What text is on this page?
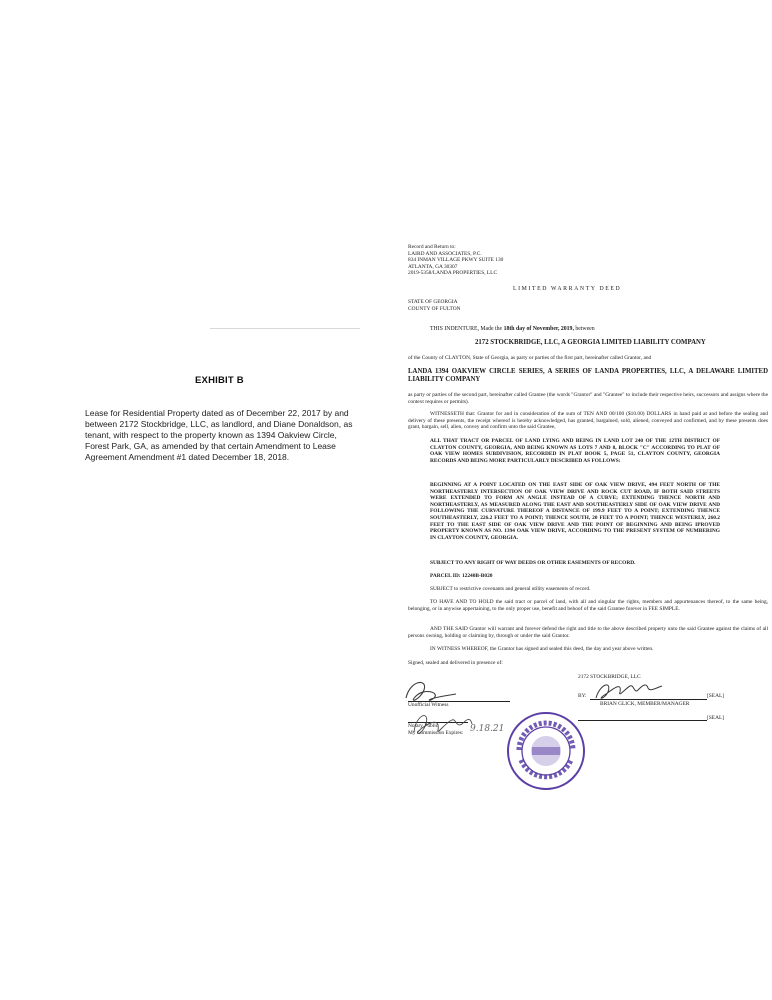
EXHIBIT B
Lease for Residential Property dated as of December 22, 2017 by and between 2172 Stockbridge, LLC, as landlord, and Diane Donaldson, as tenant, with respect to the property known as 1394 Oakview Circle, Forest Park, GA, as amended by that certain Amendment to Lease Agreement Amendment #1 dated December 18, 2018.
Record and Return to:
LAIRD AND ASSOCIATES, P.C.
834 INMAN VILLAGE PKWY SUITE 130
ATLANTA, GA 30307
2019-5358/LANDA PROPERTIES, LLC
LIMITED WARRANTY DEED
STATE OF GEORGIA
COUNTY OF FULTON
THIS INDENTURE, Made the 18th day of November, 2019, between
2172 STOCKBRIDGE, LLC, A GEORGIA LIMITED LIABILITY COMPANY
of the County of CLAYTON, State of Georgia, as party or parties of the first part, hereinafter called Grantor, and
LANDA 1394 OAKVIEW CIRCLE SERIES, A SERIES OF LANDA PROPERTIES, LLC, A DELAWARE LIMITED LIABILITY COMPANY
as party or parties of the second part, hereinafter called Grantee (the words "Grantor" and "Grantee" to include their respective heirs, successors and assigns where the context requires or permits).
WITNESSETH that: Grantor for and in consideration of the sum of TEN AND 00/100 ($10.00) DOLLARS in hand paid at and before the sealing and delivery of these presents, the receipt whereof is hereby acknowledged, has granted, bargained, sold, aliened, conveyed and confirmed, and by these presents does grant, bargain, sell, alien, convey and confirm unto the said Grantee,
ALL THAT TRACT OR PARCEL OF LAND LYING AND BEING IN LAND LOT 240 OF THE 12TH DISTRICT OF CLAYTON COUNTY, GEORGIA, AND BEING KNOWN AS LOTS 7 AND 8, BLOCK "C" ACCORDING TO PLAT OF OAK VIEW HOMES SUBDIVISION, RECORDED IN PLAT BOOK 5, PAGE 51, CLAYTON COUNTY, GEORGIA RECORDS AND BEING MORE PARTICULARLY DESCRIBED AS FOLLOWS:
BEGINNING AT A POINT LOCATED ON THE EAST SIDE OF OAK VIEW DRIVE, 494 FEET NORTH OF THE NORTHEASTERLY INTERSECTION OF OAK VIEW DRIVE AND ROCK CUT ROAD, IF BOTH SAID STREETS WERE EXTENDED TO FORM AN ANGLE INSTEAD OF A CURVE; EXTENDING THENCE NORTH AND NORTHEASTERLY, AS MEASURED ALONG THE EAST AND SOUTHEASTERLY SIDE OF OAK VIEW DRIVE AND FOLLOWING THE CURVATURE THEREOF A DISTANCE OF 199.9 FEET TO A POINT; EXTENDING THENCE SOUTHEASTERLY, 226.2 FEET TO A POINT; THENCE SOUTH, 20 FEET TO A POINT; THENCE WESTERLY, 260.2 FEET TO THE EAST SIDE OF OAK VIEW DRIVE AND THE POINT OF BEGINNING AND BEING IPROVED PROPERTY KNOWN AS NO. 1394 OAK VIEW DRIVE, ACCORDING TO THE PRESENT SYSTEM OF NUMBERING IN CLAYTON COUNTY, GEORGIA.
SUBJECT TO ANY RIGHT OF WAY DEEDS OR OTHER EASEMENTS OF RECORD.
PARCEL ID: 12240B-B020
SUBJECT to restrictive covenants and general utility easements of record.
TO HAVE AND TO HOLD the said tract or parcel of land, with all and singular the rights, members and appurtenances thereof, to the same being, belonging, or in anywise appertaining, to the only proper use, benefit and behoof of the said Grantee forever in FEE SIMPLE.
AND THE SAID Grantor will warrant and forever defend the right and title to the above described property unto the said Grantee against the claims of all persons owning, holding or claiming by, through or under the said Grantor.
IN WITNESS WHEREOF, the Grantor has signed and sealed this deed, the day and year above written.
Signed, sealed and delivered in presence of:
2172 STOCKBRIDGE, LLC
BY:	[SEAL]
BRIAN GLICK, MEMBER/MANAGER
[SEAL]
Unofficial Witness
Notary Public
My Commission Expires: 9.18.21
